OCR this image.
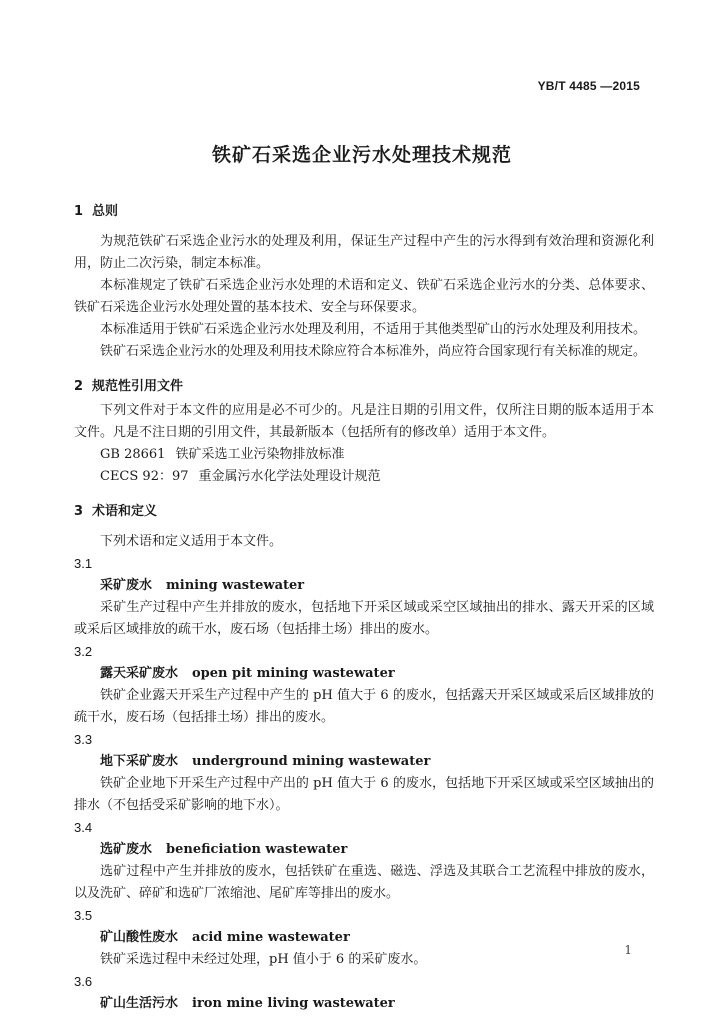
YB/T 4485 —2015
铁矿石采选企业污水处理技术规范

1 总则

为规范铁矿石采选企业污水的处理及利用，保证生产过程中产生的污水得到有效治理和资源化利用，防止二次污染，制定本标准。

本标准规定了铁矿石采选企业污水处理的术语和定义、铁矿石采选企业污水的分类、总体要求、铁矿石采选企业污水处理处置的基本技术、安全与环保要求。

本标准适用于铁矿石采选企业污水处理及利用，不适用于其他类型矿山的污水处理及利用技术。

铁矿石采选企业污水的处理及利用技术除应符合本标准外，尚应符合国家现行有关标准的规定。

2 规范性引用文件

下列文件对于本文件的应用是必不可少的。凡是注日期的引用文件，仅所注日期的版本适用于本文件。凡是不注日期的引用文件，其最新版本（包括所有的修改单）适用于本文件。

GB 28661 铁矿采选工业污染物排放标准

CECS 92：97 重金属污水化学法处理设计规范

3 术语和定义

下列术语和定义适用于本文件。

3.1

采矿废水 mining wastewater

采矿生产过程中产生并排放的废水，包括地下开采区域或采空区域抽出的排水、露天开采的区域或采后区域排放的疏干水，废石场（包括排土场）排出的废水。

3.2

露天采矿废水 open pit mining wastewater

铁矿企业露天开采生产过程中产生的 pH 值大于 6 的废水，包括露天开采区域或采后区域排放的疏干水，废石场（包括排土场）排出的废水。

3.3

地下采矿废水 underground mining wastewater

铁矿企业地下开采生产过程中产出的 pH 值大于 6 的废水，包括地下开采区域或采空区域抽出的排水（不包括受采矿影响的地下水）。

3.4

选矿废水 beneficiation wastewater

选矿过程中产生并排放的废水，包括铁矿在重选、磁选、浮选及其联合工艺流程中排放的废水，以及洗矿、碎矿和选矿厂浓缩池、尾矿库等排出的废水。

3.5

矿山酸性废水 acid mine wastewater

铁矿采选过程中未经过处理，pH 值小于 6 的采矿废水。

3.6

矿山生活污水 iron mine living wastewater

1
